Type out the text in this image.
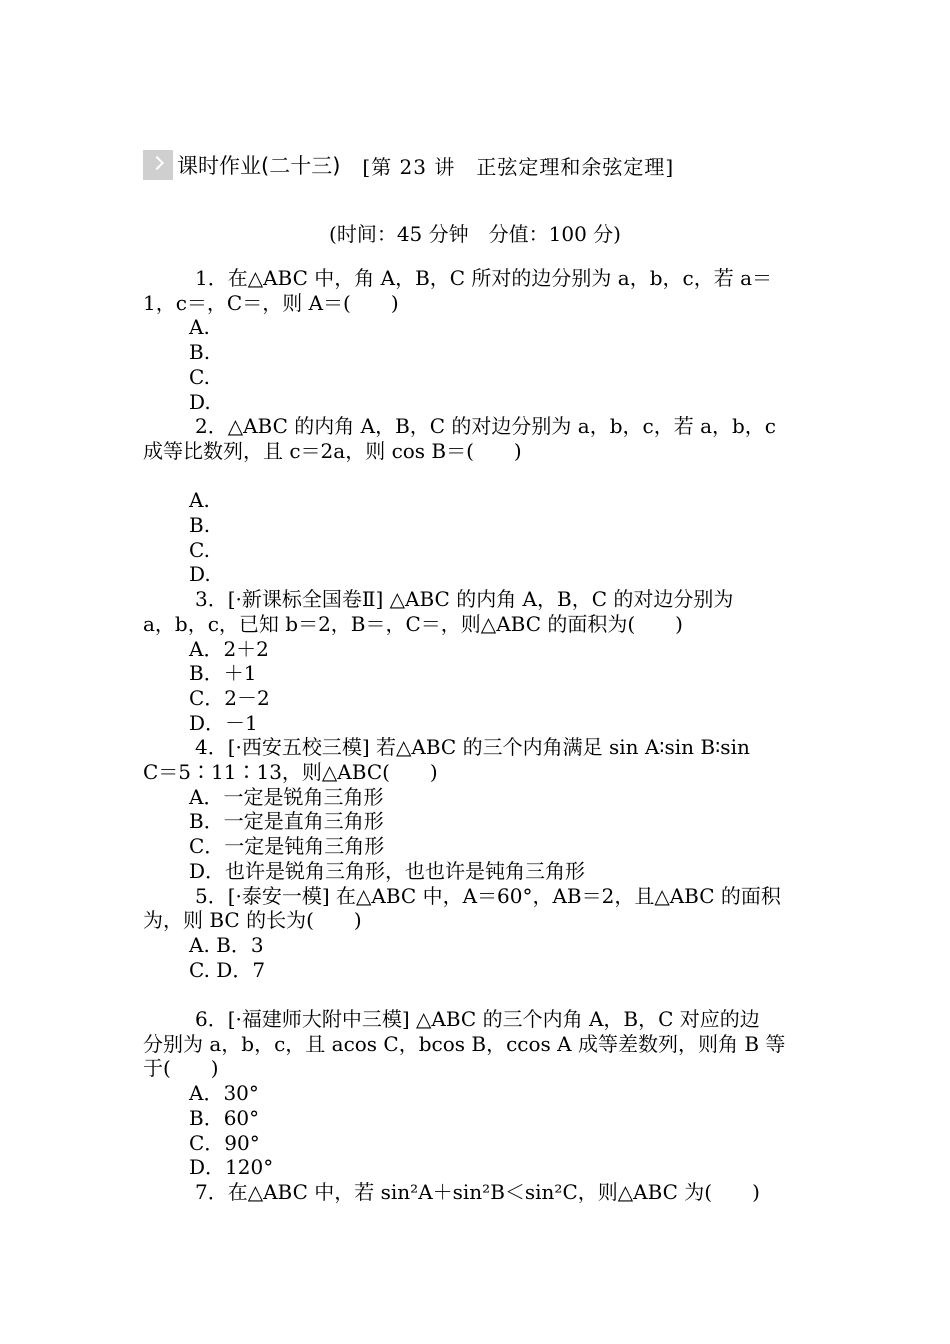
课时作业(二十三) [第 23 讲　正弦定理和余弦定理]
(时间：45 分钟　分值：100 分)

1．在△ABC 中，角 A，B，C 所对的边分别为 a，b，c，若 a＝

1，c＝，C＝，则 A＝(　　)

A.

B.

C.

D.

2．△ABC 的内角 A，B，C 的对边分别为 a，b，c，若 a，b，c

成等比数列，且 c＝2a，则 cos B＝(　　)

A.

B.

C.

D.

3．[·新课标全国卷Ⅱ] △ABC 的内角 A，B，C 的对边分别为

a，b，c，已知 b＝2，B＝，C＝，则△ABC 的面积为(　　)

A．2＋2

B．＋1

C．2－2

D．－1

4．[·西安五校三模] 若△ABC 的三个内角满足 sin A∶sin B∶sin

C＝5∶11∶13，则△ABC(　　)

A．一定是锐角三角形

B．一定是直角三角形

C．一定是钝角三角形

D．也许是锐角三角形，也也许是钝角三角形

5．[·泰安一模] 在△ABC 中，A＝60°，AB＝2，且△ABC 的面积

为，则 BC 的长为(　　)

A. B．3

C. D．7

6．[·福建师大附中三模] △ABC 的三个内角 A，B，C 对应的边

分别为 a，b，c，且 acos C，bcos B，ccos A 成等差数列，则角 B 等

于(　　)

A．30°

B．60°

C．90°

D．120°

7．在△ABC 中，若 sin²A＋sin²B＜sin²C，则△ABC 为(　　)
